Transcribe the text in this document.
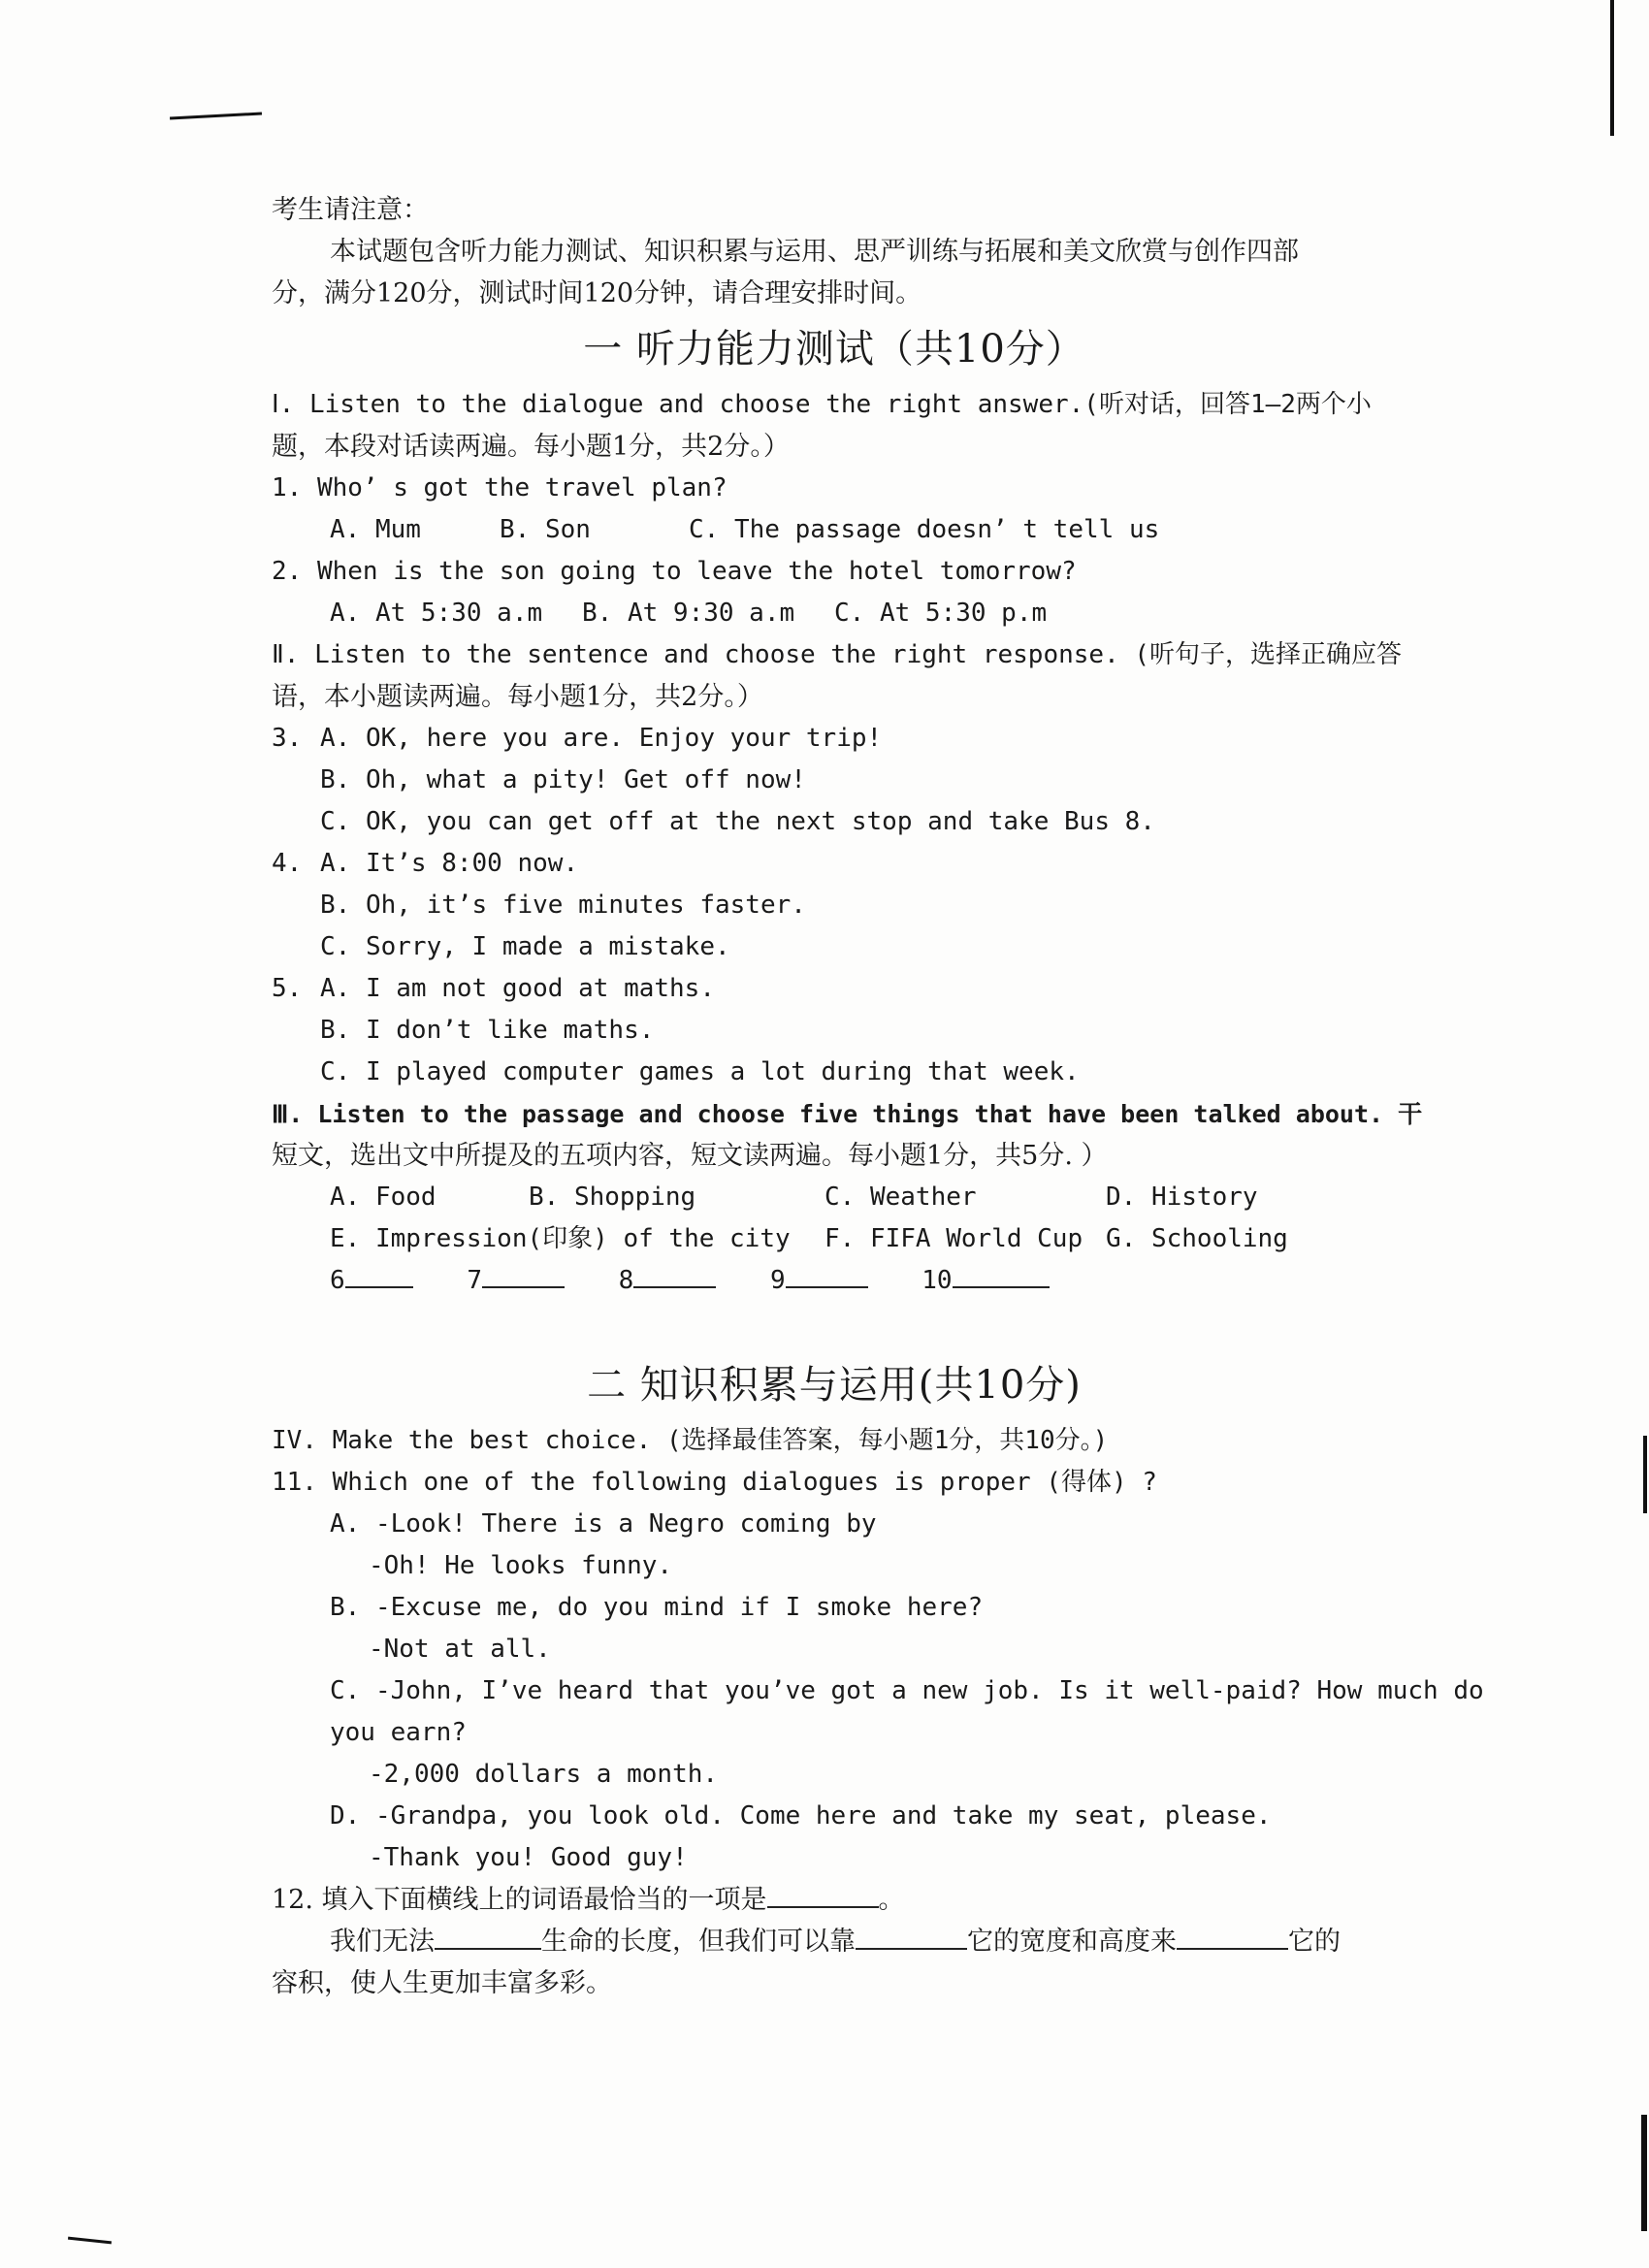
考生请注意：
本试题包含听力能力测试、知识积累与运用、思严训练与拓展和美文欣赏与创作四部
分，满分120分，测试时间120分钟，请合理安排时间。
一 听力能力测试（共10分）
Ⅰ. Listen to the dialogue and choose the right answer.(听对话，回答1—2两个小
题，本段对话读两遍。每小题1分，共2分。）
1. Who’ s got the travel plan?
A. Mum	B. Son	C. The passage doesn’ t tell us
2. When is the son going to leave the hotel tomorrow?
A. At 5:30 a.m	B. At 9:30 a.m	C. At 5:30 p.m
Ⅱ. Listen to the sentence and choose the right response. (听句子，选择正确应答
语，本小题读两遍。每小题1分，共2分。）
3. A. OK, here you are. Enjoy your trip!
B. Oh, what a pity! Get off now!
C. OK, you can get off at the next stop and take Bus 8.
4. A. It’s 8:00 now.
B. Oh, it’s five minutes faster.
C. Sorry, I made a mistake.
5. A. I am not good at maths.
B. I don’t like maths.
C. I played computer games a lot during that week.
Ⅲ. Listen to the passage and choose five things that have been talked about. 干
短文，选出文中所提及的五项内容，短文读两遍。每小题1分，共5分. ）
A. Food	B. Shopping	C. Weather	D. History
E. Impression(印象) of the city	F. FIFA World Cup G. Schooling
6	7	8	9	10
二 知识积累与运用(共10分)
IV. Make the best choice. (选择最佳答案，每小题1分，共10分。)
11. Which one of the following dialogues is proper (得体) ?
A. -Look! There is a Negro coming by
-Oh! He looks funny.
B. -Excuse me, do you mind if I smoke here?
-Not at all.
C. -John, I’ve heard that you’ve got a new job. Is it well-paid? How much do
you earn?
-2,000 dollars a month.
D. -Grandpa, you look old. Come here and take my seat, please.
-Thank you! Good guy!
12. 填入下面横线上的词语最恰当的一项是	。
我们无法	生命的长度，但我们可以靠	它的宽度和高度来	它的
容积，使人生更加丰富多彩。
